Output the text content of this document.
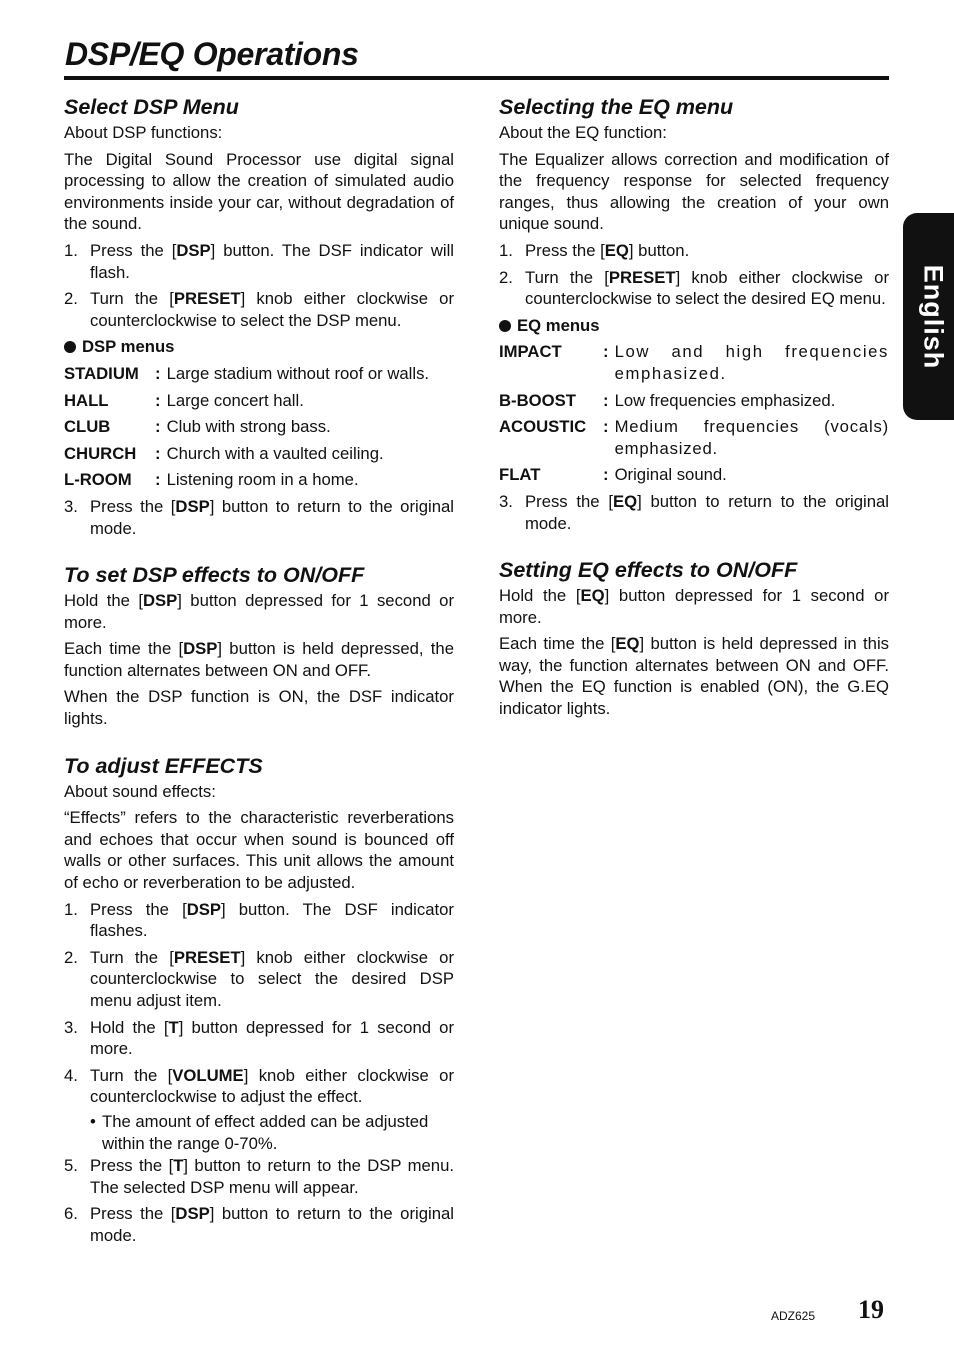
DSP/EQ Operations
English
Select DSP Menu

About DSP functions:

The Digital Sound Processor use digital signal processing to allow the creation of simulated audio environments inside your car, without degradation of the sound.

1. Press the [DSP] button. The DSF indicator will flash.
2. Turn the [PRESET] knob either clockwise or counterclockwise to select the DSP menu.
DSP menus
STADIUM : Large stadium without roof or walls.
HALL	: Large concert hall.
CLUB	: Club with strong bass.
CHURCH	: Church with a vaulted ceiling.
L-ROOM	: Listening room in a home.
3. Press the [DSP] button to return to the original mode.
To set DSP effects to ON/OFF

Hold the [DSP] button depressed for 1 second or more.

Each time the [DSP] button is held depressed, the function alternates between ON and OFF.

When the DSP function is ON, the DSF indicator lights.

To adjust EFFECTS

About sound effects:

“Effects” refers to the characteristic reverberations and echoes that occur when sound is bounced off walls or other surfaces. This unit allows the amount of echo or reverberation to be adjusted.

1. Press the [DSP] button. The DSF indicator flashes.
2. Turn the [PRESET] knob either clockwise or counterclockwise to select the desired DSP menu adjust item.
3. Hold the [T] button depressed for 1 second or more.
4. Turn the [VOLUME] knob either clockwise or counterclockwise to adjust the effect.
• The amount of effect added can be adjusted within the range 0-70%.
5. Press the [T] button to return to the DSP menu. The selected DSP menu will appear.
6. Press the [DSP] button to return to the original mode.
Selecting the EQ menu

About the EQ function:

The Equalizer allows correction and modification of the frequency response for selected frequency ranges, thus allowing the creation of your own unique sound.

1. Press the [EQ] button.
2. Turn the [PRESET] knob either clockwise or counterclockwise to select the desired EQ menu.
EQ menus
IMPACT	: Low and high frequencies emphasized.
B-BOOST	: Low frequencies emphasized.
ACOUSTIC	: Medium frequencies (vocals) emphasized.
FLAT	: Original sound.
3. Press the [EQ] button to return to the original mode.
Setting EQ effects to ON/OFF

Hold the [EQ] button depressed for 1 second or more.

Each time the [EQ] button is held depressed in this way, the function alternates between ON and OFF. When the EQ function is enabled (ON), the G.EQ indicator lights.

ADZ625 19
